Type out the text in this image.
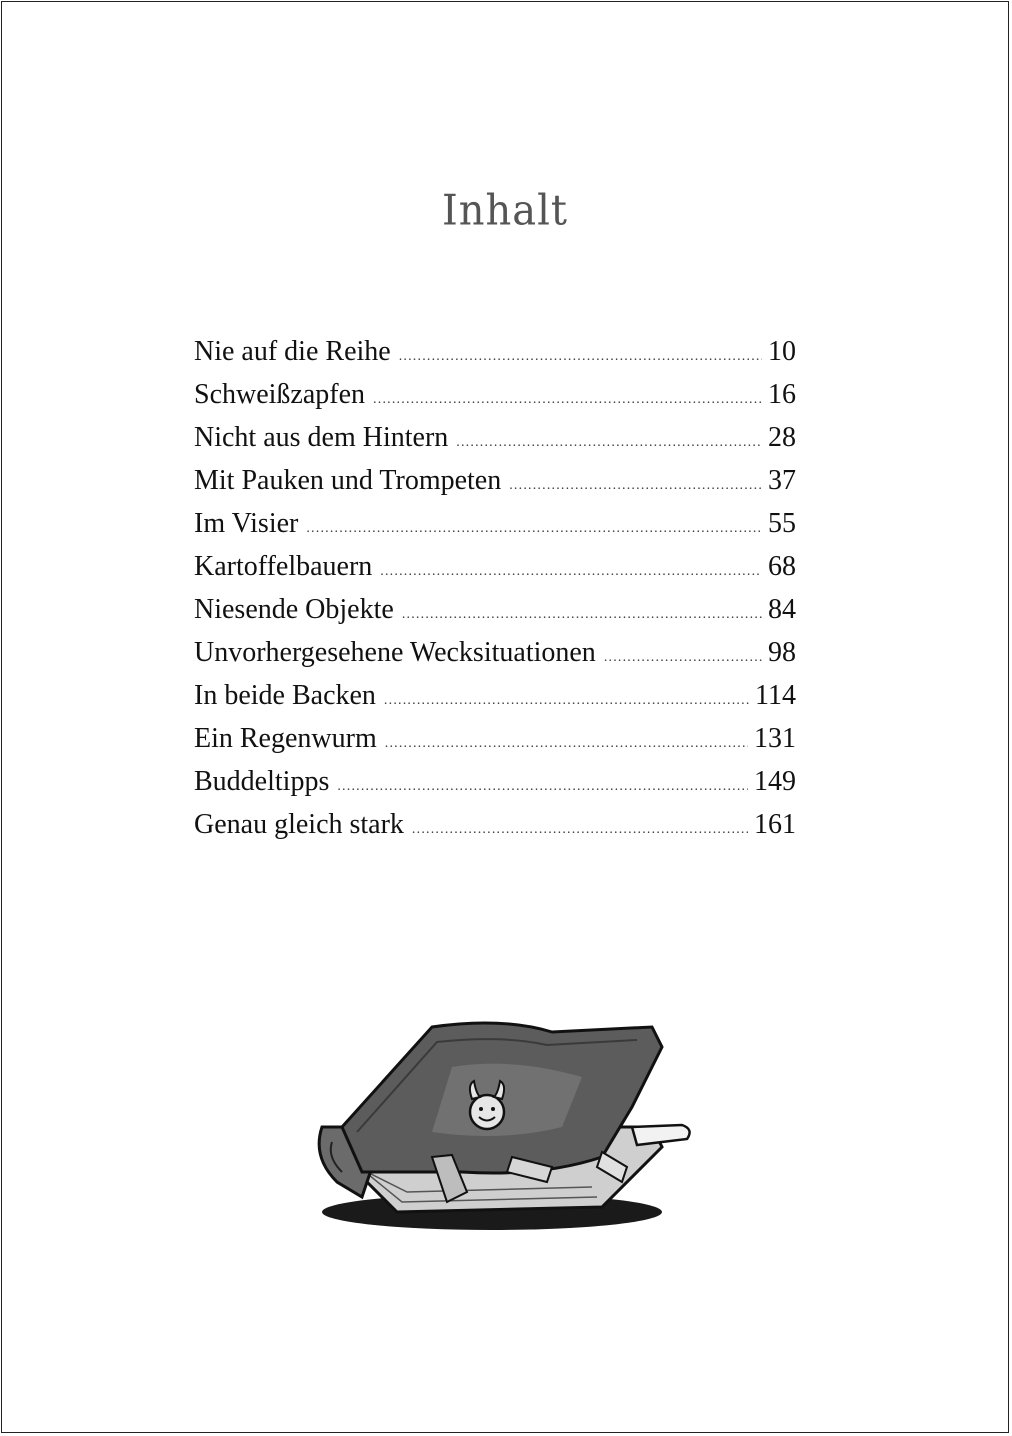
Inhalt
Nie auf die Reihe .....	10
Schweißzapfen .....	16
Nicht aus dem Hintern .....	28
Mit Pauken und Trompeten .....	37
Im Visier .....	55
Kartoffelbauern .....	68
Niesende Objekte .....	84
Unvorhergesehene Wecksituationen .....	98
In beide Backen .....	114
Ein Regenwurm .....	131
Buddeltipps .....	149
Genau gleich stark .....	161
